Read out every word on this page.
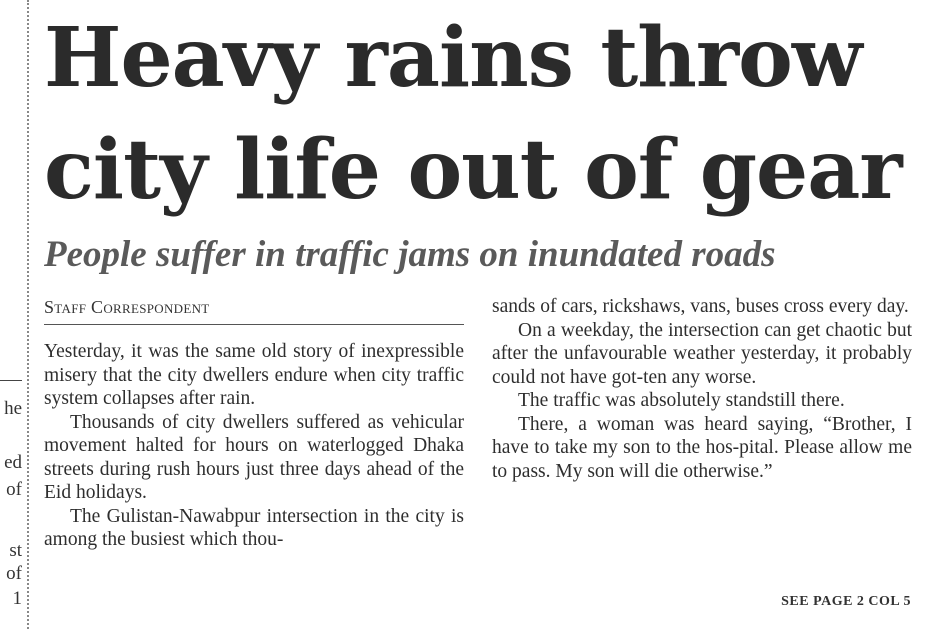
he
ed
of
st
of
1
Heavy rains throw
city life out of gear
People suffer in traffic jams on inundated roads
Staff Correspondent

Yesterday, it was the same old story of inexpressible misery that the city dwellers endure when city traffic system collapses after rain.

Thousands of city dwellers suffered as vehicular movement halted for hours on waterlogged Dhaka streets during rush hours just three days ahead of the Eid holidays.

The Gulistan-Nawabpur intersection in the city is among the busiest which thou-

sands of cars, rickshaws, vans, buses cross every day.

On a weekday, the intersection can get chaotic but after the unfavourable weather yesterday, it probably could not have got-ten any worse.

The traffic was absolutely standstill there.

There, a woman was heard saying, “Brother, I have to take my son to the hos-pital. Please allow me to pass. My son will die otherwise.”

SEE PAGE 2 COL 5
